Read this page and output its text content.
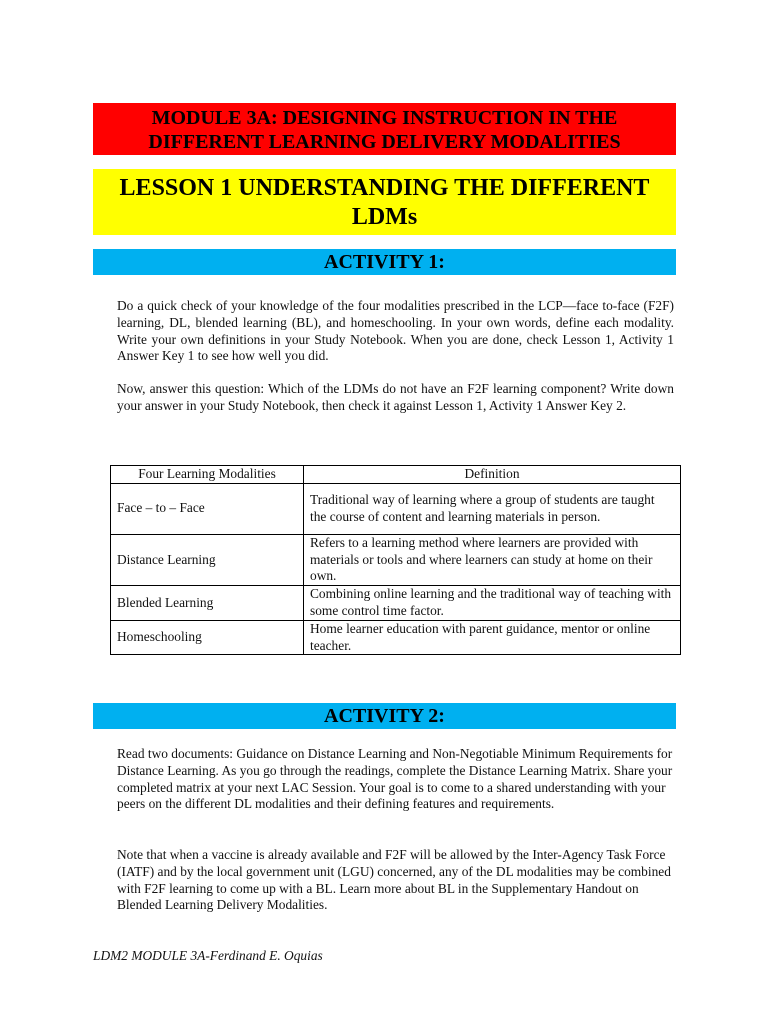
MODULE 3A: DESIGNING INSTRUCTION IN THE
DIFFERENT LEARNING DELIVERY MODALITIES
LESSON 1 UNDERSTANDING THE DIFFERENT
LDMs
ACTIVITY 1:
Do a quick check of your knowledge of the four modalities prescribed in the LCP—face to-face (F2F) learning, DL, blended learning (BL), and homeschooling. In your own words, define each modality. Write your own definitions in your Study Notebook. When you are done, check Lesson 1, Activity 1 Answer Key 1 to see how well you did.
Now, answer this question: Which of the LDMs do not have an F2F learning component? Write down your answer in your Study Notebook, then check it against Lesson 1, Activity 1 Answer Key 2.
Four Learning Modalities	Definition
Face – to – Face	Traditional way of learning where a group of students are taught the course of content and learning materials in person.
Distance Learning	Refers to a learning method where learners are provided with materials or tools and where learners can study at home on their own.
Blended Learning	Combining online learning and the traditional way of teaching with some control time factor.
Homeschooling	Home learner education with parent guidance, mentor or online teacher.
ACTIVITY 2:
Read two documents: Guidance on Distance Learning and Non-Negotiable Minimum Requirements for Distance Learning. As you go through the readings, complete the Distance Learning Matrix. Share your completed matrix at your next LAC Session. Your goal is to come to a shared understanding with your peers on the different DL modalities and their defining features and requirements.
Note that when a vaccine is already available and F2F will be allowed by the Inter-Agency Task Force (IATF) and by the local government unit (LGU) concerned, any of the DL modalities may be combined with F2F learning to come up with a BL. Learn more about BL in the Supplementary Handout on Blended Learning Delivery Modalities.
LDM2 MODULE 3A-Ferdinand E. Oquias
